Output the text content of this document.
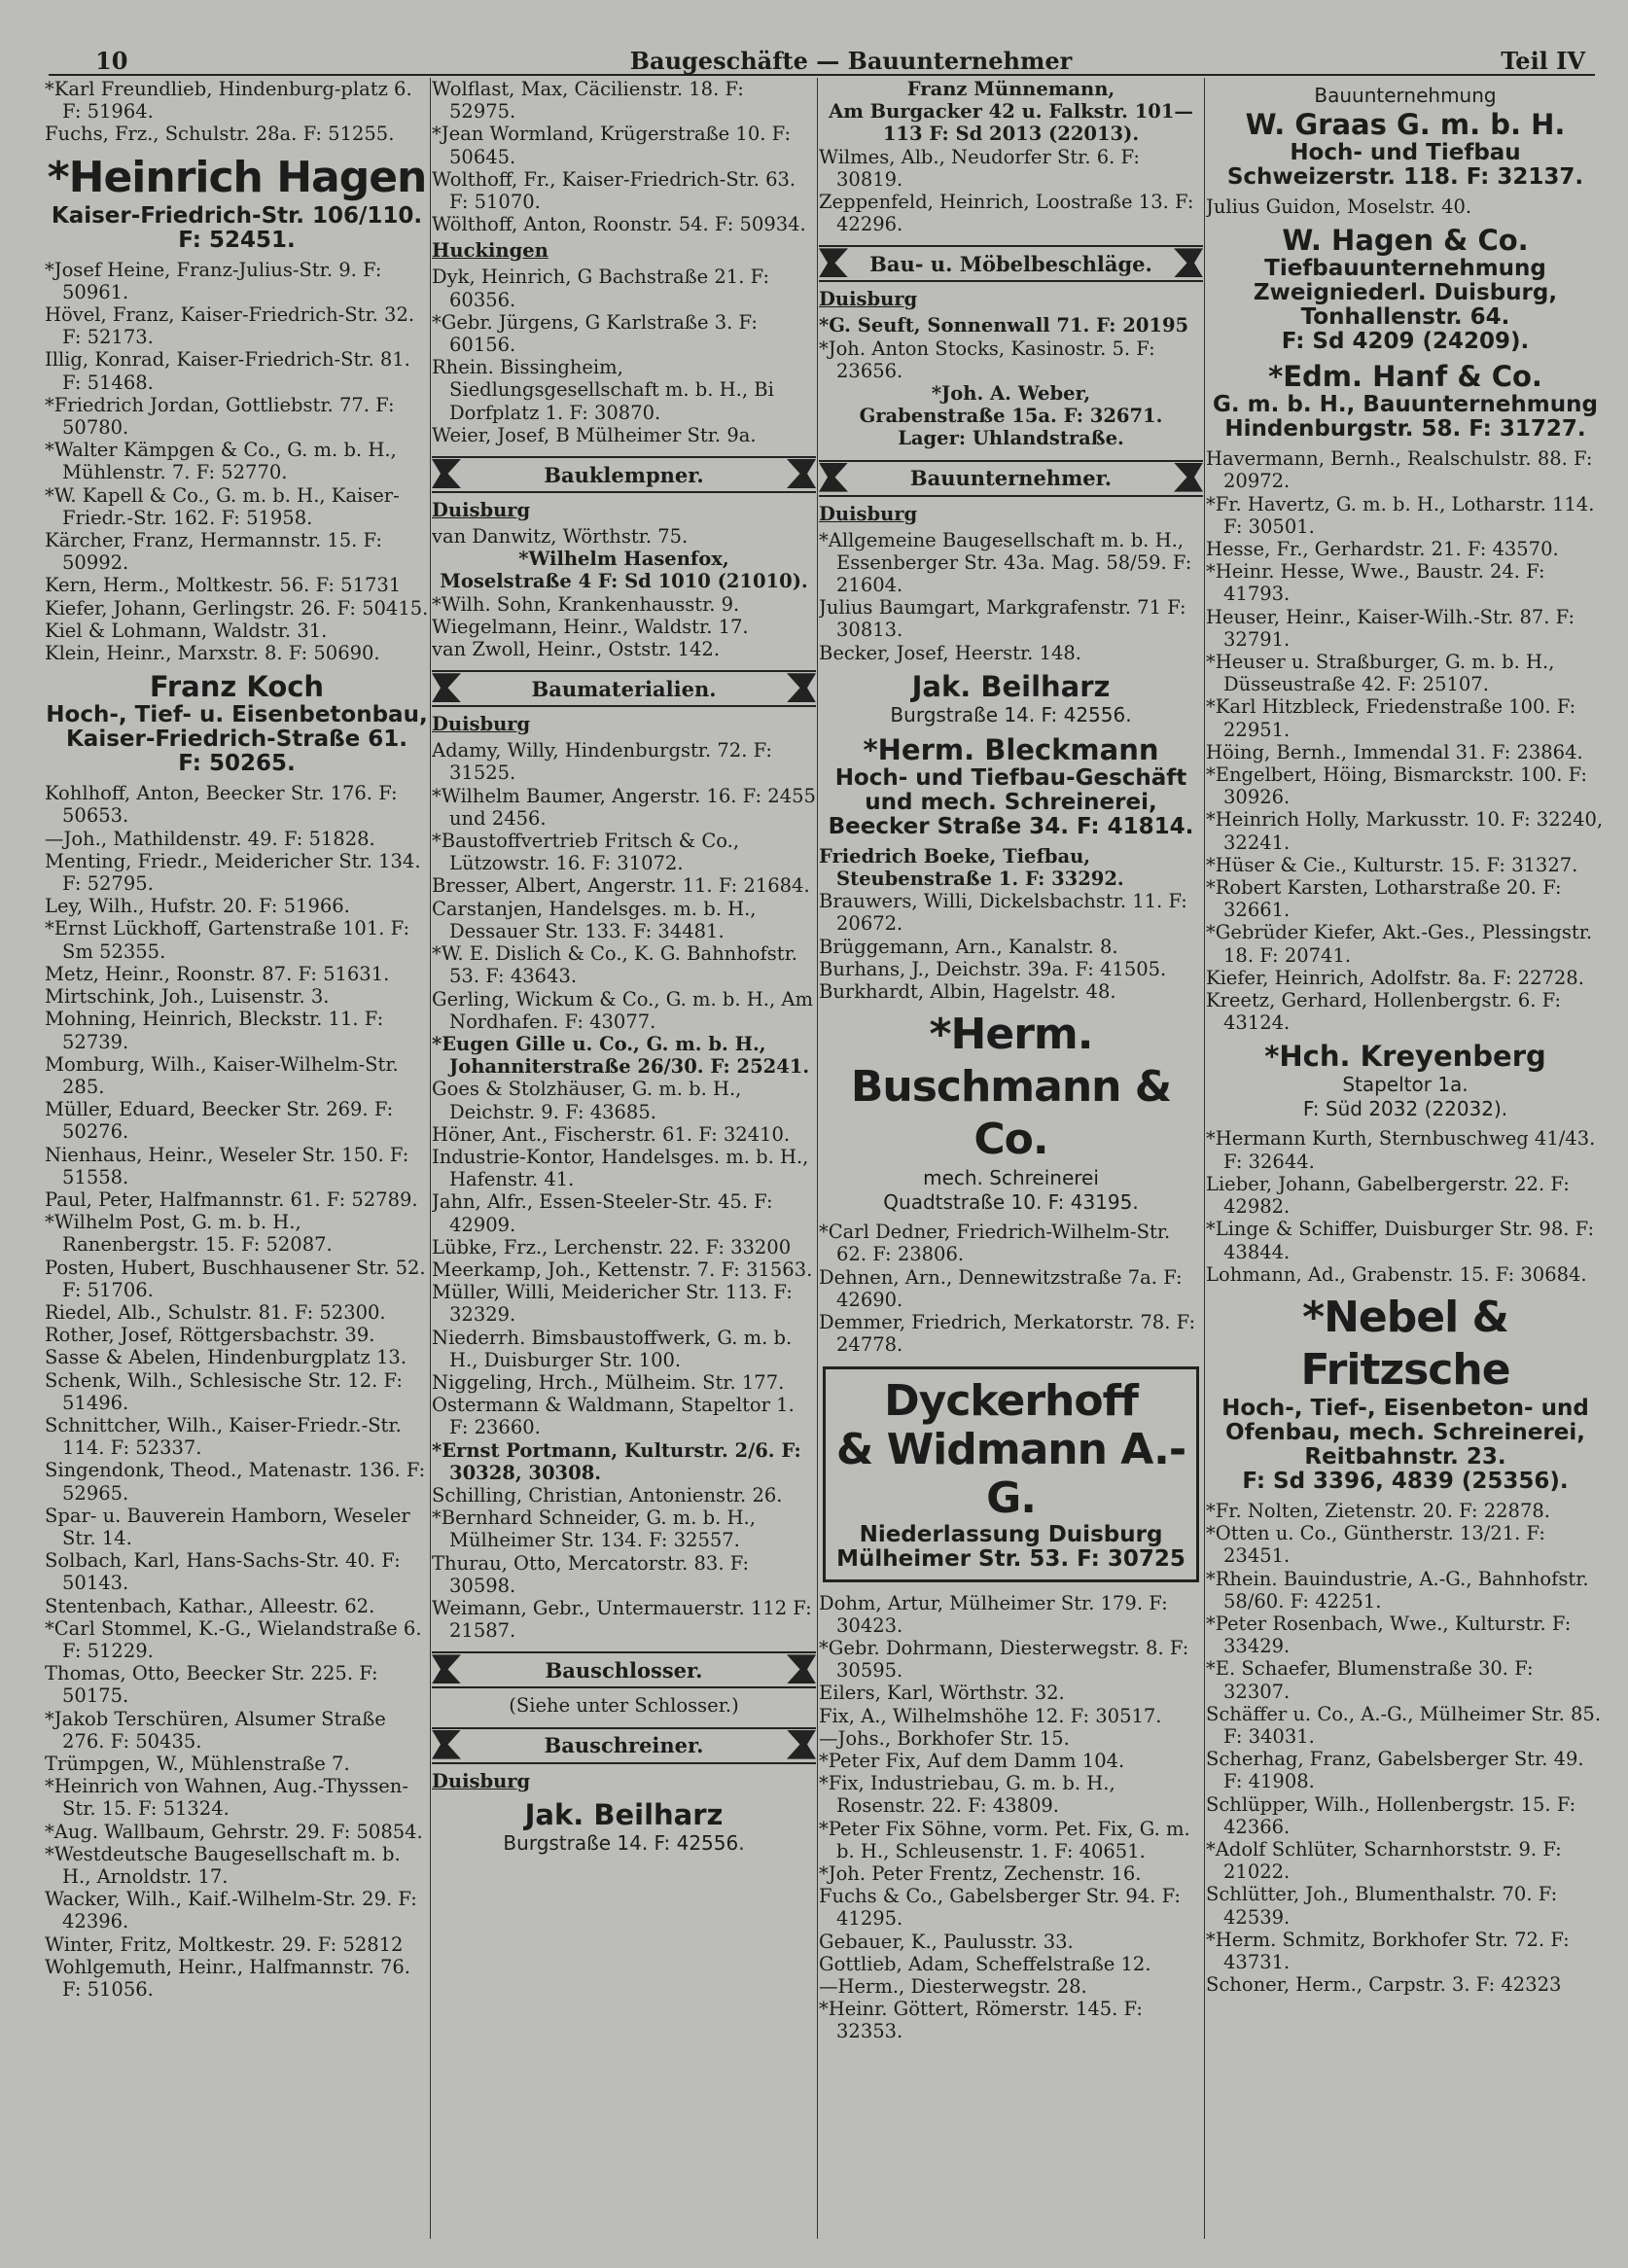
10	Baugeschäfte — Bauunternehmer	Teil IV
*Karl Freundlieb, Hindenburg-platz 6. F: 51964.
Fuchs, Frz., Schulstr. 28a. F: 51255.
*Heinrich Hagen
Kaiser-Friedrich-Str. 106/110.
F: 52451.
*Josef Heine, Franz-Julius-Str. 9. F: 50961.
Hövel, Franz, Kaiser-Friedrich-Str. 32. F: 52173.
Illig, Konrad, Kaiser-Friedrich-Str. 81. F: 51468.
*Friedrich Jordan, Gottliebstr. 77. F: 50780.
*Walter Kämpgen & Co., G. m. b. H., Mühlenstr. 7. F: 52770.
*W. Kapell & Co., G. m. b. H., Kaiser-Friedr.-Str. 162. F: 51958.
Kärcher, Franz, Hermannstr. 15. F: 50992.
Kern, Herm., Moltkestr. 56. F: 51731
Kiefer, Johann, Gerlingstr. 26. F: 50415.
Kiel & Lohmann, Waldstr. 31.
Klein, Heinr., Marxstr. 8. F: 50690.
Franz Koch
Hoch-, Tief- u. Eisenbetonbau,
Kaiser-Friedrich-Straße 61.
F: 50265.
Kohlhoff, Anton, Beecker Str. 176. F: 50653.
—Joh., Mathildenstr. 49. F: 51828.
Menting, Friedr., Meidericher Str. 134. F: 52795.
Ley, Wilh., Hufstr. 20. F: 51966.
*Ernst Lückhoff, Gartenstraße 101. F: Sm 52355.
Metz, Heinr., Roonstr. 87. F: 51631.
Mirtschink, Joh., Luisenstr. 3.
Mohning, Heinrich, Bleckstr. 11. F: 52739.
Momburg, Wilh., Kaiser-Wilhelm-Str. 285.
Müller, Eduard, Beecker Str. 269. F: 50276.
Nienhaus, Heinr., Weseler Str. 150. F: 51558.
Paul, Peter, Halfmannstr. 61. F: 52789.
*Wilhelm Post, G. m. b. H., Ranenbergstr. 15. F: 52087.
Posten, Hubert, Buschhausener Str. 52. F: 51706.
Riedel, Alb., Schulstr. 81. F: 52300.
Rother, Josef, Röttgersbachstr. 39.
Sasse & Abelen, Hindenburgplatz 13.
Schenk, Wilh., Schlesische Str. 12. F: 51496.
Schnittcher, Wilh., Kaiser-Friedr.-Str. 114. F: 52337.
Singendonk, Theod., Matenastr. 136. F: 52965.
Spar- u. Bauverein Hamborn, Weseler Str. 14.
Solbach, Karl, Hans-Sachs-Str. 40. F: 50143.
Stentenbach, Kathar., Alleestr. 62.
*Carl Stommel, K.-G., Wielandstraße 6. F: 51229.
Thomas, Otto, Beecker Str. 225. F: 50175.
*Jakob Terschüren, Alsumer Straße 276. F: 50435.
Trümpgen, W., Mühlenstraße 7.
*Heinrich von Wahnen, Aug.-Thyssen-Str. 15. F: 51324.
*Aug. Wallbaum, Gehrstr. 29. F: 50854.
*Westdeutsche Baugesellschaft m. b. H., Arnoldstr. 17.
Wacker, Wilh., Kaif.-Wilhelm-Str. 29. F: 42396.
Winter, Fritz, Moltkestr. 29. F: 52812
Wohlgemuth, Heinr., Halfmannstr. 76. F: 51056.
Wolflast, Max, Cäcilienstr. 18. F: 52975.
*Jean Wormland, Krügerstraße 10. F: 50645.
Wolthoff, Fr., Kaiser-Friedrich-Str. 63. F: 51070.
Wölthoff, Anton, Roonstr. 54. F: 50934.
Huckingen
Dyk, Heinrich, G Bachstraße 21. F: 60356.
*Gebr. Jürgens, G Karlstraße 3. F: 60156.
Rhein. Bissingheim, Siedlungsgesellschaft m. b. H., Bi Dorfplatz 1. F: 30870.
Weier, Josef, B Mülheimer Str. 9a.
Bauklempner.
Duisburg
van Danwitz, Wörthstr. 75.
*Wilhelm Hasenfox,
Moselstraße 4 F: Sd 1010 (21010).
*Wilh. Sohn, Krankenhausstr. 9.
Wiegelmann, Heinr., Waldstr. 17.
van Zwoll, Heinr., Oststr. 142.
Baumaterialien.
Duisburg
Adamy, Willy, Hindenburgstr. 72. F: 31525.
*Wilhelm Baumer, Angerstr. 16. F: 2455 und 2456.
*Baustoffvertrieb Fritsch & Co., Lützowstr. 16. F: 31072.
Bresser, Albert, Angerstr. 11. F: 21684.
Carstanjen, Handelsges. m. b. H., Dessauer Str. 133. F: 34481.
*W. E. Dislich & Co., K. G. Bahnhofstr. 53. F: 43643.
Gerling, Wickum & Co., G. m. b. H., Am Nordhafen. F: 43077.
*Eugen Gille u. Co., G. m. b. H., Johanniterstraße 26/30. F: 25241.
Goes & Stolzhäuser, G. m. b. H., Deichstr. 9. F: 43685.
Höner, Ant., Fischerstr. 61. F: 32410.
Industrie-Kontor, Handelsges. m. b. H., Hafenstr. 41.
Jahn, Alfr., Essen-Steeler-Str. 45. F: 42909.
Lübke, Frz., Lerchenstr. 22. F: 33200
Meerkamp, Joh., Kettenstr. 7. F: 31563.
Müller, Willi, Meidericher Str. 113. F: 32329.
Niederrh. Bimsbaustoffwerk, G. m. b. H., Duisburger Str. 100.
Niggeling, Hrch., Mülheim. Str. 177.
Ostermann & Waldmann, Stapeltor 1. F: 23660.
*Ernst Portmann, Kulturstr. 2/6. F: 30328, 30308.
Schilling, Christian, Antonienstr. 26.
*Bernhard Schneider, G. m. b. H., Mülheimer Str. 134. F: 32557.
Thurau, Otto, Mercatorstr. 83. F: 30598.
Weimann, Gebr., Untermauerstr. 112 F: 21587.
Bauschlosser.
(Siehe unter Schlosser.)
Bauschreiner.
Duisburg
Jak. Beilharz
Burgstraße 14. F: 42556.
Franz Münnemann,
Am Burgacker 42 u. Falkstr. 101—113 F: Sd 2013 (22013).
Wilmes, Alb., Neudorfer Str. 6. F: 30819.
Zeppenfeld, Heinrich, Loostraße 13. F: 42296.
Bau- u. Möbelbeschläge.
Duisburg
*G. Seuft, Sonnenwall 71. F: 20195
*Joh. Anton Stocks, Kasinostr. 5. F: 23656.
*Joh. A. Weber,
Grabenstraße 15a. F: 32671.
Lager: Uhlandstraße.
Bauunternehmer.
Duisburg
*Allgemeine Baugesellschaft m. b. H., Essenberger Str. 43a. Mag. 58/59. F: 21604.
Julius Baumgart, Markgrafenstr. 71 F: 30813.
Becker, Josef, Heerstr. 148.
Jak. Beilharz
Burgstraße 14. F: 42556.
*Herm. Bleckmann
Hoch- und Tiefbau-Geschäft
und mech. Schreinerei,
Beecker Straße 34. F: 41814.
Friedrich Boeke, Tiefbau, Steubenstraße 1. F: 33292.
Brauwers, Willi, Dickelsbachstr. 11. F: 20672.
Brüggemann, Arn., Kanalstr. 8.
Burhans, J., Deichstr. 39a. F: 41505.
Burkhardt, Albin, Hagelstr. 48.
*Herm. Buschmann & Co.
mech. Schreinerei
Quadtstraße 10. F: 43195.
*Carl Dedner, Friedrich-Wilhelm-Str. 62. F: 23806.
Dehnen, Arn., Dennewitzstraße 7a. F: 42690.
Demmer, Friedrich, Merkatorstr. 78. F: 24778.
Dyckerhoff
& Widmann A.-G.
Niederlassung Duisburg
Mülheimer Str. 53. F: 30725
Dohm, Artur, Mülheimer Str. 179. F: 30423.
*Gebr. Dohrmann, Diesterwegstr. 8. F: 30595.
Eilers, Karl, Wörthstr. 32.
Fix, A., Wilhelmshöhe 12. F: 30517.
—Johs., Borkhofer Str. 15.
*Peter Fix, Auf dem Damm 104.
*Fix, Industriebau, G. m. b. H., Rosenstr. 22. F: 43809.
*Peter Fix Söhne, vorm. Pet. Fix, G. m. b. H., Schleusenstr. 1. F: 40651.
*Joh. Peter Frentz, Zechenstr. 16.
Fuchs & Co., Gabelsberger Str. 94. F: 41295.
Gebauer, K., Paulusstr. 33.
Gottlieb, Adam, Scheffelstraße 12.
—Herm., Diesterwegstr. 28.
*Heinr. Göttert, Römerstr. 145. F: 32353.
Bauunternehmung
W. Graas G. m. b. H.
Hoch- und Tiefbau
Schweizerstr. 118. F: 32137.
Julius Guidon, Moselstr. 40.
W. Hagen & Co.
Tiefbauunternehmung
Zweigniederl. Duisburg,
Tonhallenstr. 64.
F: Sd 4209 (24209).
*Edm. Hanf & Co.
G. m. b. H., Bauunternehmung
Hindenburgstr. 58. F: 31727.
Havermann, Bernh., Realschulstr. 88. F: 20972.
*Fr. Havertz, G. m. b. H., Lotharstr. 114. F: 30501.
Hesse, Fr., Gerhardstr. 21. F: 43570.
*Heinr. Hesse, Wwe., Baustr. 24. F: 41793.
Heuser, Heinr., Kaiser-Wilh.-Str. 87. F: 32791.
*Heuser u. Straßburger, G. m. b. H., Düsseustraße 42. F: 25107.
*Karl Hitzbleck, Friedenstraße 100. F: 22951.
Höing, Bernh., Immendal 31. F: 23864.
*Engelbert, Höing, Bismarckstr. 100. F: 30926.
*Heinrich Holly, Markusstr. 10. F: 32240, 32241.
*Hüser & Cie., Kulturstr. 15. F: 31327.
*Robert Karsten, Lotharstraße 20. F: 32661.
*Gebrüder Kiefer, Akt.-Ges., Plessingstr. 18. F: 20741.
Kiefer, Heinrich, Adolfstr. 8a. F: 22728.
Kreetz, Gerhard, Hollenbergstr. 6. F: 43124.
*Hch. Kreyenberg
Stapeltor 1a.
F: Süd 2032 (22032).
*Hermann Kurth, Sternbuschweg 41/43. F: 32644.
Lieber, Johann, Gabelbergerstr. 22. F: 42982.
*Linge & Schiffer, Duisburger Str. 98. F: 43844.
Lohmann, Ad., Grabenstr. 15. F: 30684.
*Nebel & Fritzsche
Hoch-, Tief-, Eisenbeton- und
Ofenbau, mech. Schreinerei,
Reitbahnstr. 23.
F: Sd 3396, 4839 (25356).
*Fr. Nolten, Zietenstr. 20. F: 22878.
*Otten u. Co., Güntherstr. 13/21. F: 23451.
*Rhein. Bauindustrie, A.-G., Bahnhofstr. 58/60. F: 42251.
*Peter Rosenbach, Wwe., Kulturstr. F: 33429.
*E. Schaefer, Blumenstraße 30. F: 32307.
Schäffer u. Co., A.-G., Mülheimer Str. 85. F: 34031.
Scherhag, Franz, Gabelsberger Str. 49. F: 41908.
Schlüpper, Wilh., Hollenbergstr. 15. F: 42366.
*Adolf Schlüter, Scharnhorststr. 9. F: 21022.
Schlütter, Joh., Blumenthalstr. 70. F: 42539.
*Herm. Schmitz, Borkhofer Str. 72. F: 43731.
Schoner, Herm., Carpstr. 3. F: 42323
